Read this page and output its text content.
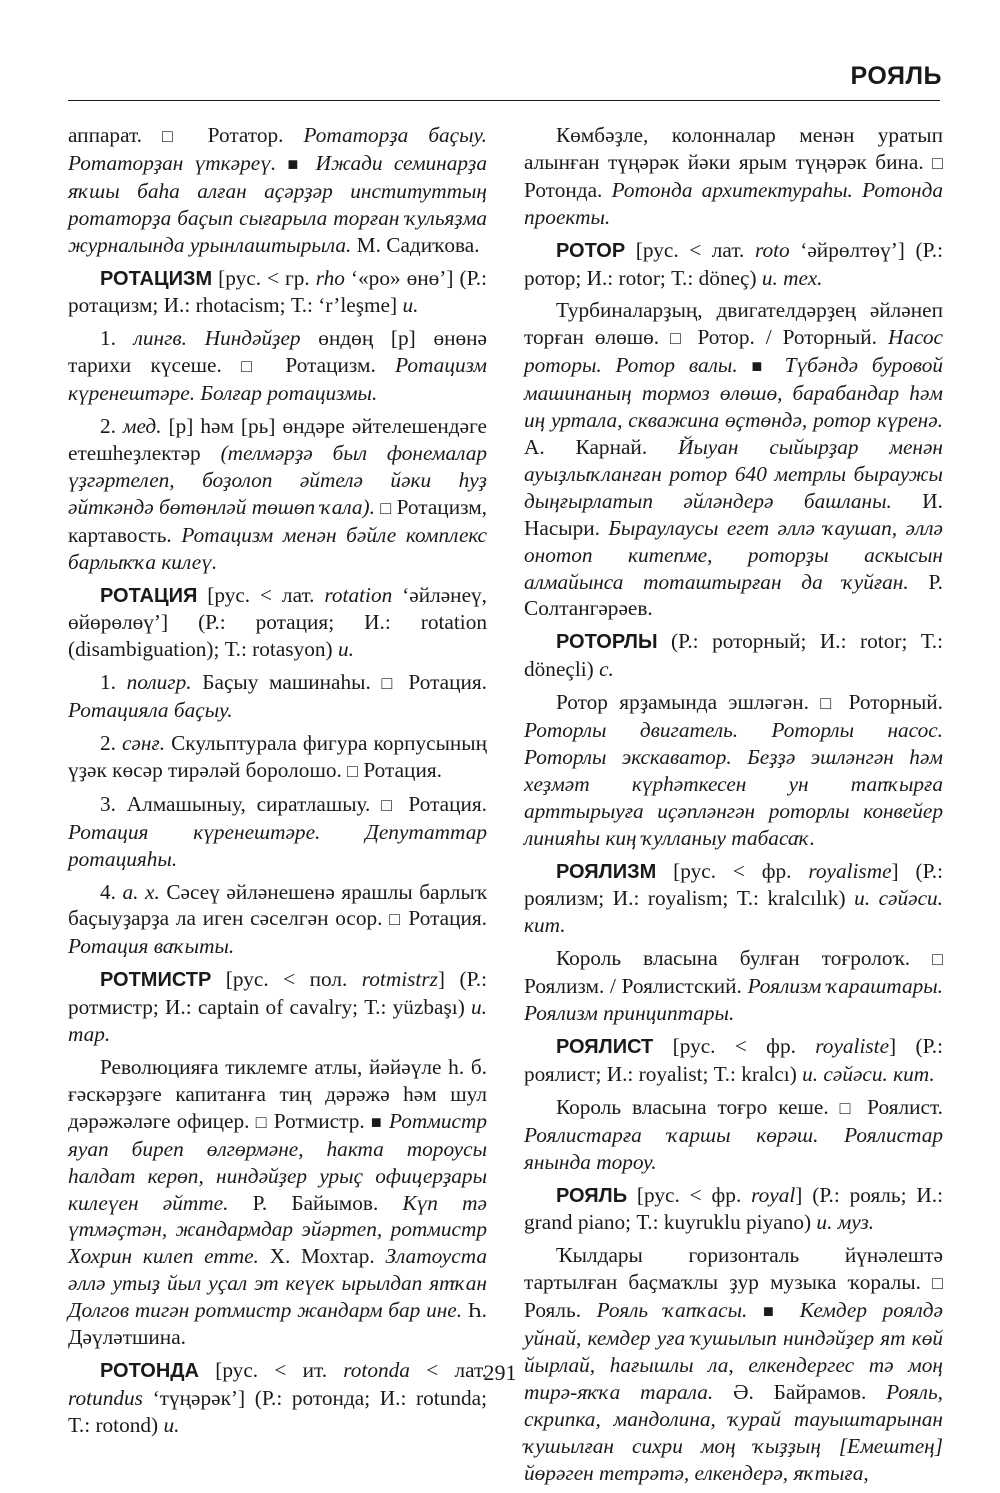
РОЯЛЬ

аппарат. □ Ротатор. Ротаторҙа баҫыу. Ротаторҙан үткәреү. ■ Ижади семинарҙа яҡшы баһа алған аҫәрҙәр институттың ротаторҙа баҫып сығарыла торған ҡульяҙма журналында урынлаштырыла. М. Садиҡова.

РОТАЦИЗМ [рус. < гр. rho ‘«ро» өнө’] (Р.: ротацизм; И.: rhotacism; Т.: ‘r’leşme] и.

1. лингв. Ниндәйҙер өндөң [p] өнөнә тарихи күсеше. □ Ротацизм. Ротацизм күренештәре. Болғар ротацизмы.

2. мед. [р] һәм [рь] өндәре әйтелешендәге етешһеҙлектәр (телмәрҙә был фонемалар үҙгәртелеп, боҙолоп әйтелә йәки һуҙ әйткәндә бөтөнләй төшөп ҡала). □ Ротацизм, картавость. Ротацизм менән бәйле комплекс барлыҡҡа килеү.

РОТАЦИЯ [рус. < лат. rotation ‘әйләнеү, өйөрөлөү’] (Р.: ротация; И.: rotation (disambiguation); Т.: rotasyon) и.

1. полигр. Баҫыу машинаһы. □ Ротация. Ротацияла баҫыу.

2. сәнғ. Скульптурала фигура корпусының үҙәк көсәр тирәләй боролошо. □ Ротация.

3. Алмашыныу, сиратлашыу. □ Ротация. Ротация күренештәре. Депутаттар ротацияһы.

4. а. х. Сәсеү әйләнешенә ярашлы барлыҡ баҫыуҙарҙа ла иген сәселгән осор. □ Ротация. Ротация ваҡыты.

РОТМИСТР [рус. < пол. rotmistrz] (Р.: ротмистр; И.: captain of cavalry; Т.: yüzbaşı) и. тар.

Революцияға тиклемге атлы, йәйәүле һ. б. ғәскәрҙәге капитанға тиң дәрәжә һәм шул дәрәжәләге офицер. □ Ротмистр. ■ Ротмистр яуап биреп өлгөрмәне, һакта тороусы һалдат керөп, ниндәйҙер урыҫ офицерҙары килеүен әйтте. Р. Байымов. Күп тә үтмәҫтән, жандармдар эйәртеп, ротмистр Хохрин килеп етте. Х. Мохтар. Златоуста әллә утыҙ йыл уҫал эт кеүек ырылдап ятҡан Долгов тигән ротмистр жандарм бар ине. Һ. Дәүләтшина.

РОТОНДА [рус. < ит. rotonda < лат. rotundus ‘түңәрәк’] (Р.: ротонда; И.: rotunda; Т.: rotond) и.

Көмбәҙле, колонналар менән уратып алынған түңәрәк йәки ярым түңәрәк бина. □ Ротонда. Ротонда архитектураһы. Ротонда проекты.

РОТОР [рус. < лат. roto ‘әйрөлтөү’] (Р.: ротор; И.: rotor; Т.: döneç) и. тех.

Турбиналарҙың, двигателдәрҙең әйләнеп торған өлөшө. □ Ротор. / Роторный. Насос роторы. Ротор валы. ■ Түбәндә буровой машинаның тормоз өлөшө, барабандар һәм иң уртала, скважина өҫтөндә, ротор күренә. А. Карнай. Йыуан сыйырҙар менән ауыҙлыҡланған ротор 640 метрлы быраужы дыңғырлатып әйләндерә башланы. И. Насыри. Быраулаусы егет әллә ҡаушап, әллә онотоп китепме, роторҙы аскысын алмайынса тоташтырған да ҡуйған. Р. Солтангәрәев.

РОТОРЛЫ (Р.: роторный; И.: rotor; Т.: döneçli) с.

Ротор ярҙамында эшләгән. □ Роторный. Роторлы двигатель. Роторлы насос. Роторлы экскаватор. Беҙҙә эшләнгән һәм хеҙмәт күрһәткесен ун тапҡырға арттырыуға иҫәпләнгән роторлы конвейер линияһы киң ҡулланыу табасаҡ.

РОЯЛИЗМ [рус. < фр. royalisme] (Р.: роялизм; И.: royalism; Т.: kralcılık) и. сәйәси. кит.

Король власына булған тоғролоҡ. □ Роялизм. / Роялистский. Роялизм ҡараштары. Роялизм принциптары.

РОЯЛИСТ [рус. < фр. royaliste] (Р.: роялист; И.: royalist; Т.: kralcı) и. сәйәси. кит.

Король власына тоғро кеше. □ Роялист. Роялистарға ҡаршы көрәш. Роялистар янында тороу.

РОЯЛЬ [рус. < фр. royal] (Р.: рояль; И.: grand piano; Т.: kuyruklu piyano) и. муз.

Ҡылдары горизонталь йүнәлештә тартылған баҫмаҡлы ҙур музыка ҡоралы. □ Рояль. Рояль ҡапҡасы. ■ Кемдер роялдә уйнай, кемдер уға ҡушылып ниндәйҙер ят көй йырлай, һағышлы ла, елкендергес тә моң тирә-яҡҡа тарала. Ә. Байрамов. Рояль, скрипка, мандолина, ҡурай тауыштарынан ҡушылған сихри моң ҡыҙҙың [Емештең] йөрәген тетрәтә, елкендерә, яҡтыға,

291
